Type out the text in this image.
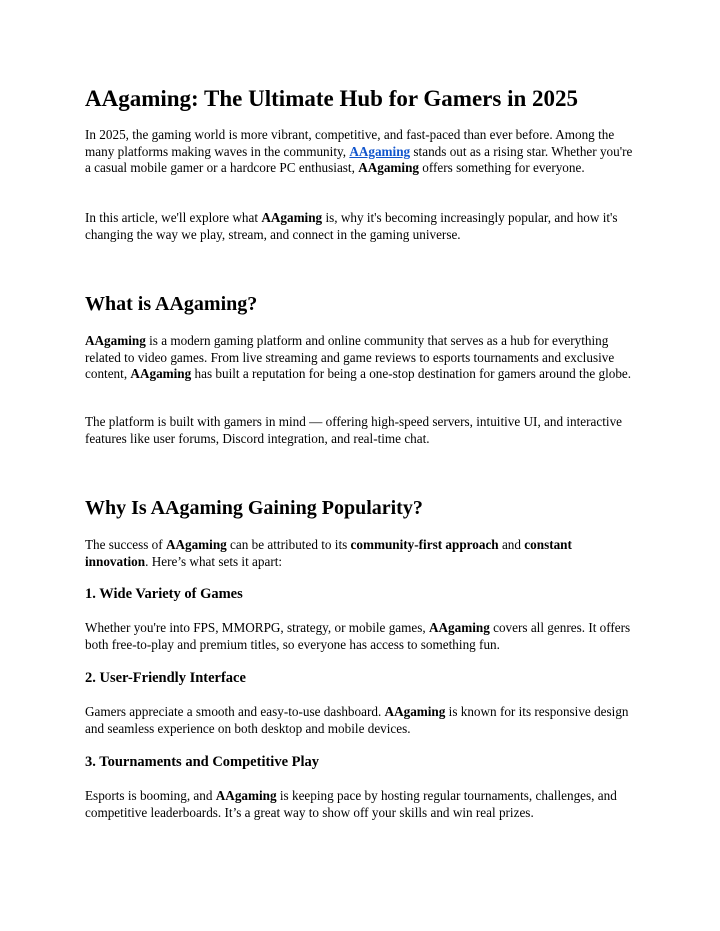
AAgaming: The Ultimate Hub for Gamers in 2025

In 2025, the gaming world is more vibrant, competitive, and fast-paced than ever before. Among the many platforms making waves in the community, AAgaming stands out as a rising star. Whether you're a casual mobile gamer or a hardcore PC enthusiast, AAgaming offers something for everyone.

In this article, we'll explore what AAgaming is, why it's becoming increasingly popular, and how it's changing the way we play, stream, and connect in the gaming universe.

What is AAgaming?

AAgaming is a modern gaming platform and online community that serves as a hub for everything related to video games. From live streaming and game reviews to esports tournaments and exclusive content, AAgaming has built a reputation for being a one-stop destination for gamers around the globe.

The platform is built with gamers in mind — offering high-speed servers, intuitive UI, and interactive features like user forums, Discord integration, and real-time chat.

Why Is AAgaming Gaining Popularity?

The success of AAgaming can be attributed to its community-first approach and constant innovation. Here’s what sets it apart:

1. Wide Variety of Games

Whether you're into FPS, MMORPG, strategy, or mobile games, AAgaming covers all genres. It offers both free-to-play and premium titles, so everyone has access to something fun.

2. User-Friendly Interface

Gamers appreciate a smooth and easy-to-use dashboard. AAgaming is known for its responsive design and seamless experience on both desktop and mobile devices.

3. Tournaments and Competitive Play

Esports is booming, and AAgaming is keeping pace by hosting regular tournaments, challenges, and competitive leaderboards. It’s a great way to show off your skills and win real prizes.
